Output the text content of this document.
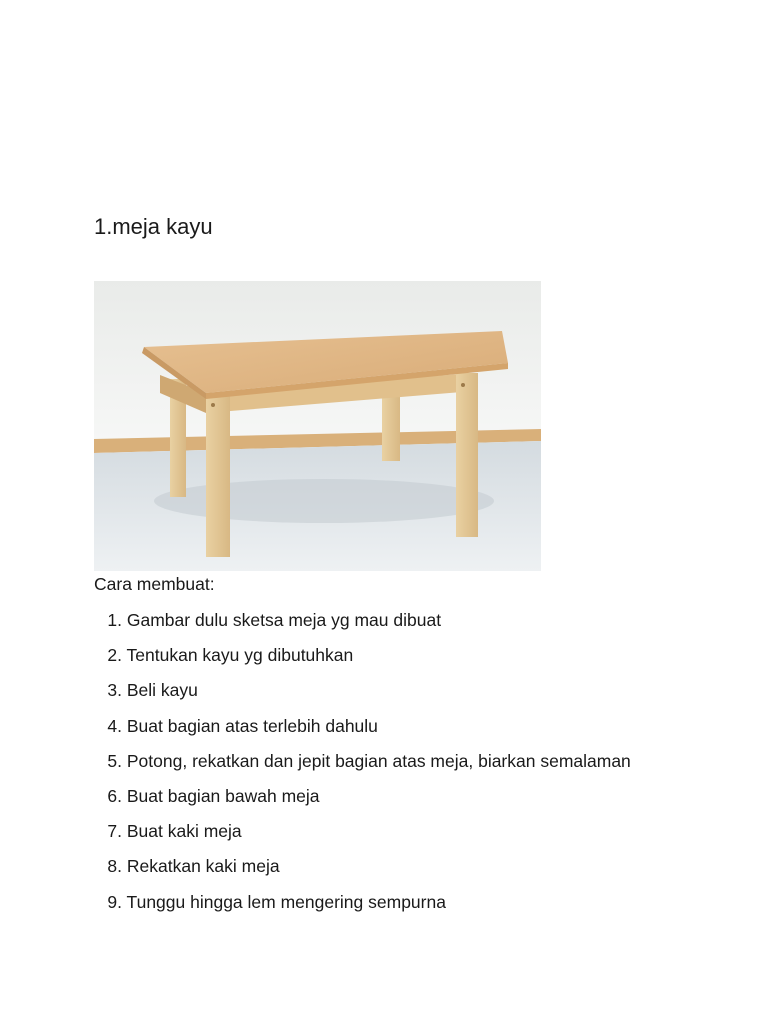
1.meja kayu

Cara membuat:

1. Gambar dulu sketsa meja yg mau dibuat
2. Tentukan kayu yg dibutuhkan
3. Beli kayu
4. Buat bagian atas terlebih dahulu
5. Potong, rekatkan dan jepit bagian atas meja, biarkan semalaman
6. Buat bagian bawah meja
7. Buat kaki meja
8. Rekatkan kaki meja
9. Tunggu hingga lem mengering sempurna
